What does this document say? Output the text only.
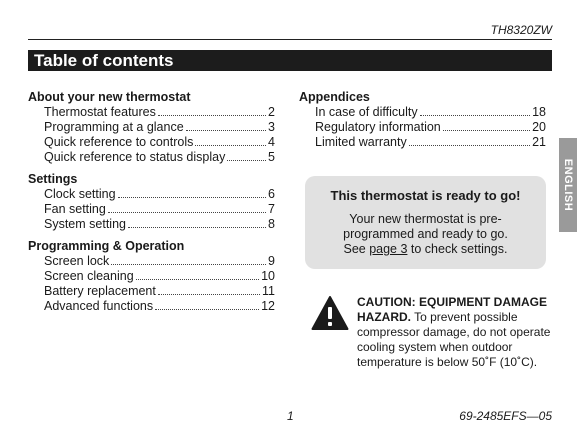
TH8320ZW
Table of contents
About your new thermostat
Thermostat features	2
Programming at a glance	3
Quick reference to controls	4
Quick reference to status display	5
Settings
Clock setting	6
Fan setting	7
System setting	8
Programming & Operation
Screen lock	9
Screen cleaning	10
Battery replacement	11
Advanced functions	12
Appendices
In case of difficulty	18
Regulatory information	20
Limited warranty	21
This thermostat is ready to go!
Your new thermostat is pre-
programmed and ready to go.
See page 3 to check settings.
ENGLISH
CAUTION: EQUIPMENT DAMAGE HAZARD. To prevent possible compressor damage, do not operate cooling system when outdoor temperature is below 50˚F (10˚C).
1	69-2485EFS—05
